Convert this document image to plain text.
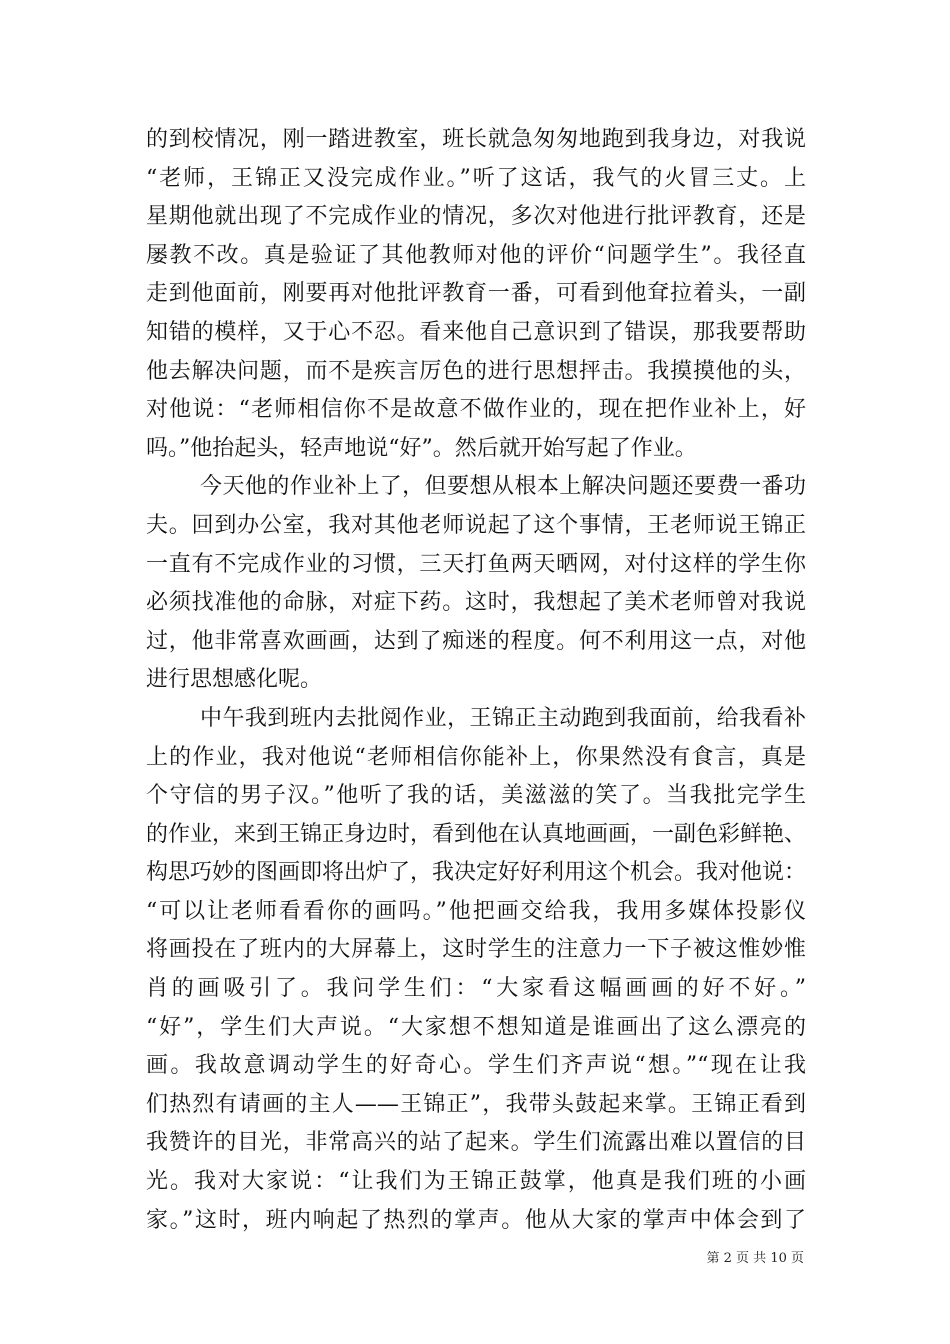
的到校情况，刚一踏进教室，班长就急匆匆地跑到我身边，对我说
“老师，王锦正又没完成作业。”听了这话，我气的火冒三丈。上
星期他就出现了不完成作业的情况，多次对他进行批评教育，还是
屡教不改。真是验证了其他教师对他的评价“问题学生”。我径直
走到他面前，刚要再对他批评教育一番，可看到他耷拉着头，一副
知错的模样，又于心不忍。看来他自己意识到了错误，那我要帮助
他去解决问题，而不是疾言厉色的进行思想抨击。我摸摸他的头，
对他说：“老师相信你不是故意不做作业的，现在把作业补上，好
吗。”他抬起头，轻声地说“好”。然后就开始写起了作业。
今天他的作业补上了，但要想从根本上解决问题还要费一番功
夫。回到办公室，我对其他老师说起了这个事情，王老师说王锦正
一直有不完成作业的习惯，三天打鱼两天晒网，对付这样的学生你
必须找准他的命脉，对症下药。这时，我想起了美术老师曾对我说
过，他非常喜欢画画，达到了痴迷的程度。何不利用这一点，对他
进行思想感化呢。
中午我到班内去批阅作业，王锦正主动跑到我面前，给我看补
上的作业，我对他说“老师相信你能补上，你果然没有食言，真是
个守信的男子汉。”他听了我的话，美滋滋的笑了。当我批完学生
的作业，来到王锦正身边时，看到他在认真地画画，一副色彩鲜艳、
构思巧妙的图画即将出炉了，我决定好好利用这个机会。我对他说：
“可以让老师看看你的画吗。”他把画交给我，我用多媒体投影仪
将画投在了班内的大屏幕上，这时学生的注意力一下子被这惟妙惟
肖的画吸引了。我问学生们：“大家看这幅画画的好不好。”
“好”，学生们大声说。“大家想不想知道是谁画出了这么漂亮的
画。我故意调动学生的好奇心。学生们齐声说“想。”“现在让我
们热烈有请画的主人——王锦正”，我带头鼓起来掌。王锦正看到
我赞许的目光，非常高兴的站了起来。学生们流露出难以置信的目
光。我对大家说：“让我们为王锦正鼓掌，他真是我们班的小画
家。”这时，班内响起了热烈的掌声。他从大家的掌声中体会到了
第 2 页 共 10 页
